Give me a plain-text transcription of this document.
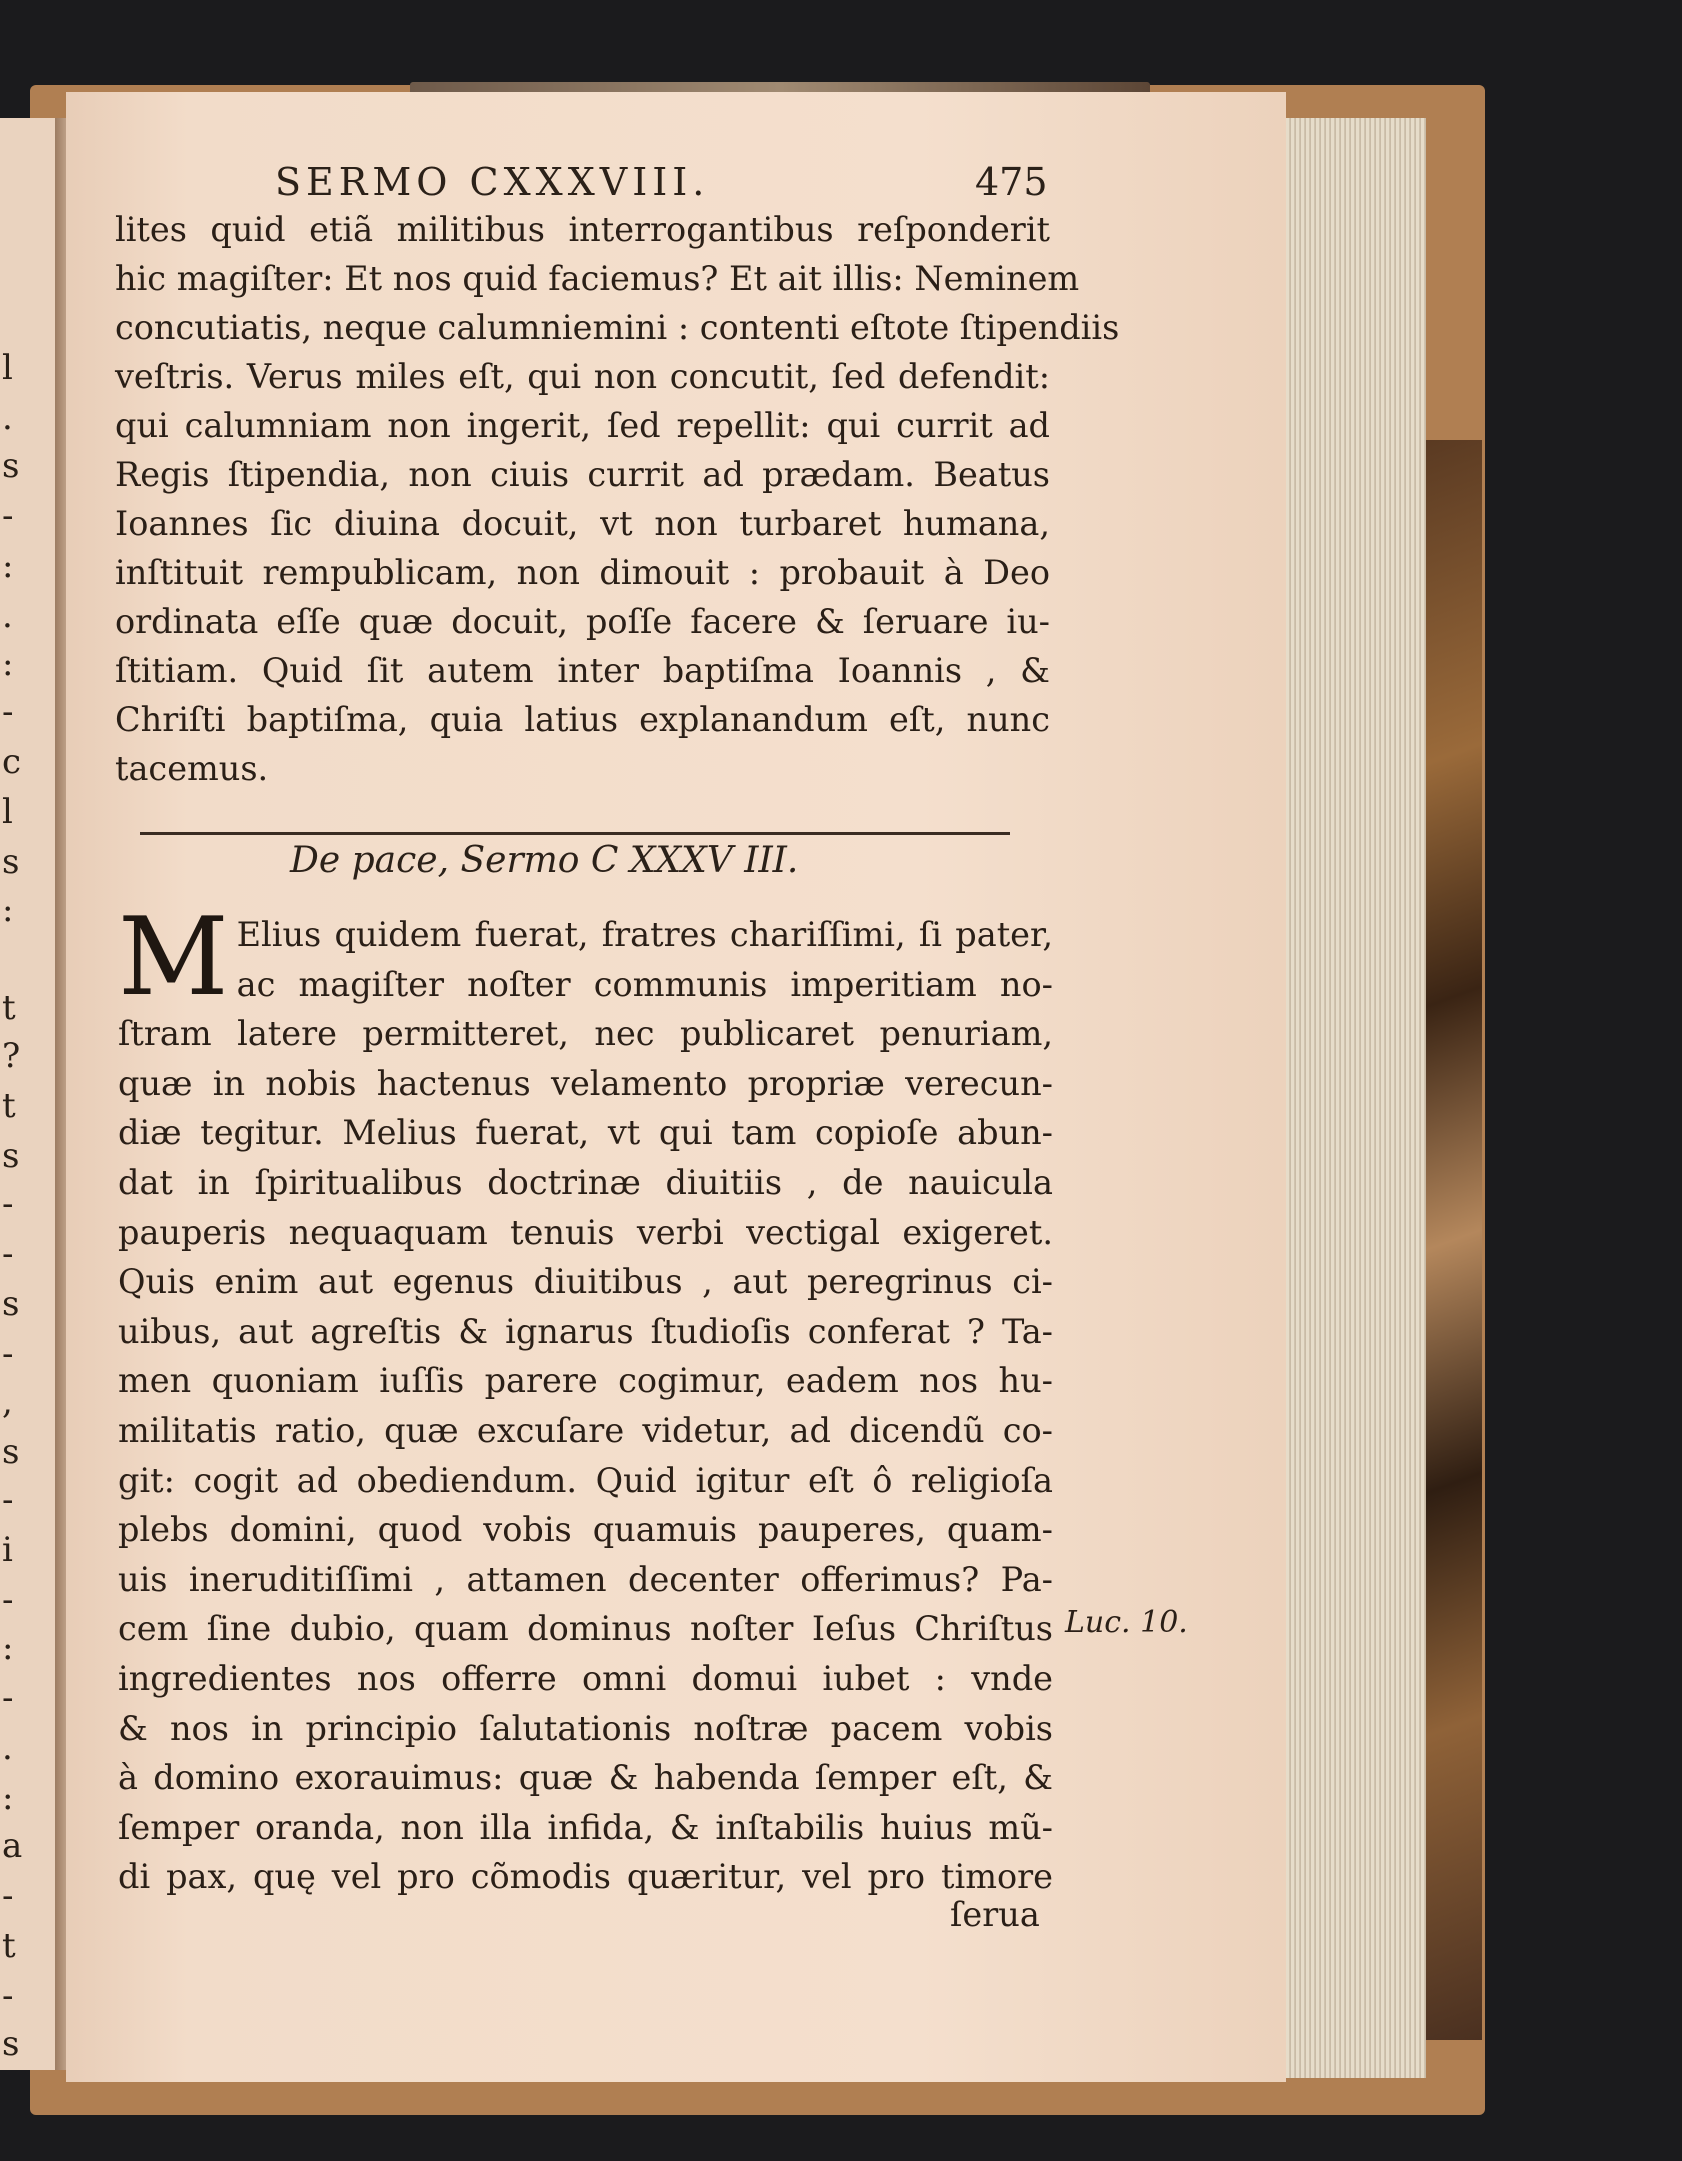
l
.
s
-
:
.
:
-
c
l
s
:
t
?
t
s
-
-
s
-
,
s
-
i
-
:
-
.
:
a
-
t
-
s
SERMO CXXXVIII.	475
lites quid etiã militibus interrogantibus reſponderit
hic magiſter: Et nos quid faciemus? Et ait illis: Neminem
concutiatis, neque calumniemini : contenti eſtote ſtipendiis
veſtris. Verus miles eſt, qui non concutit, ſed defendit:
qui calumniam non ingerit, ſed repellit: qui currit ad
Regis ſtipendia, non ciuis currit ad prædam. Beatus
Ioannes ſic diuina docuit, vt non turbaret humana,
inſtituit rempublicam, non dimouit : probauit à Deo
ordinata eſſe quæ docuit, poſſe facere & ſeruare iu-
ſtitiam. Quid ſit autem inter baptiſma Ioannis , &
Chriſti baptiſma, quia latius explanandum eſt, nunc
tacemus.
De pace, Sermo C XXXV III.
M Elius quidem fuerat, fratres chariſſimi, ſi pater,
ac magiſter noſter communis imperitiam no-
ſtram latere permitteret, nec publicaret penuriam,
quæ in nobis hactenus velamento propriæ verecun-
diæ tegitur. Melius fuerat, vt qui tam copioſe abun-
dat in ſpiritualibus doctrinæ diuitiis , de nauicula
pauperis nequaquam tenuis verbi vectigal exigeret.
Quis enim aut egenus diuitibus , aut peregrinus ci-
uibus, aut agreſtis & ignarus ſtudioſis conferat ? Ta-
men quoniam iuſſis parere cogimur, eadem nos hu-
militatis ratio, quæ excuſare videtur, ad dicendũ co-
git: cogit ad obediendum. Quid igitur eſt ô religioſa
plebs domini, quod vobis quamuis pauperes, quam-
uis ineruditiſſimi , attamen decenter offerimus? Pa-
cem ſine dubio, quam dominus noſter Ieſus Chriſtus
ingredientes nos offerre omni domui iubet : vnde
& nos in principio ſalutationis noſtræ pacem vobis
à domino exorauimus: quæ & habenda ſemper eſt, &
ſemper oranda, non illa infida, & inſtabilis huius mũ-
di pax, quę vel pro cõmodis quæritur, vel pro timore
Luc. 10.
ſerua
